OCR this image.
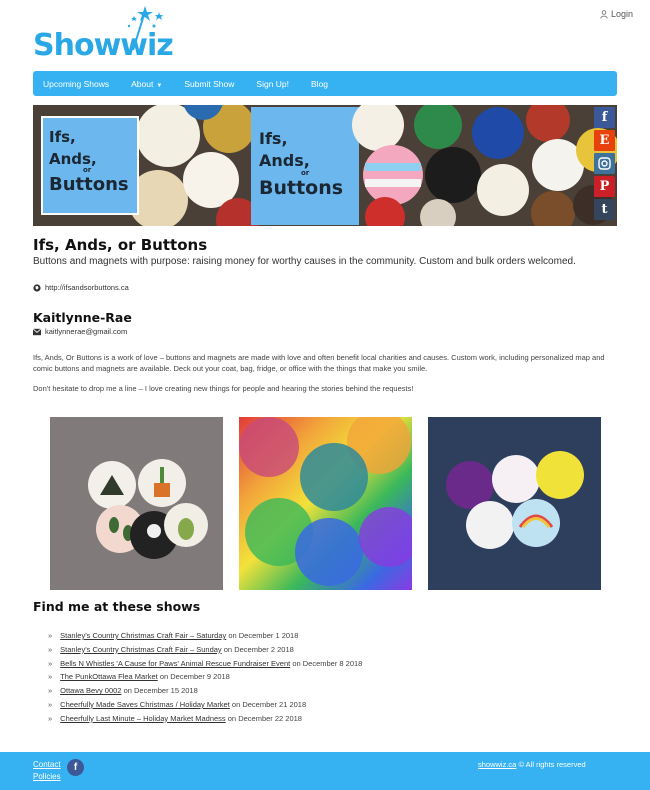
Login
Showwiz
Upcoming Shows	About ▼	Submit Show	Sign Up!	Blog
Ifs,
Ands,
or
Buttons
Ifs,
Ands,
or
Buttons
f
E
P
t
Ifs, Ands, or Buttons

Buttons and magnets with purpose: raising money for worthy causes in the community. Custom and bulk orders welcomed.

http://ifsandsorbuttons.ca
Kaitlynne-Rae
kaitlynnerae@gmail.com

Ifs, Ands, Or Buttons is a work of love – buttons and magnets are made with love and often benefit local charities and causes. Custom work, including personalized map and comic buttons and magnets are available. Deck out your coat, bag, fridge, or office with the things that make you smile.

Don't hesitate to drop me a line – I love creating new things for people and hearing the stories behind the requests!

Find me at these shows
» Stanley's Country Christmas Craft Fair – Saturday on December 1 2018
» Stanley's Country Christmas Craft Fair – Sunday on December 2 2018
» Bells N Whistles 'A Cause for Paws' Animal Rescue Fundraiser Event on December 8 2018
» The PunkOttawa Flea Market on December 9 2018
» Ottawa Bevy 0002 on December 15 2018
» Cheerfully Made Saves Christmas / Holiday Market on December 21 2018
» Cheerfully Last Minute – Holiday Market Madness on December 22 2018
Contact
Policies
f	showwiz.ca © All rights reserved
